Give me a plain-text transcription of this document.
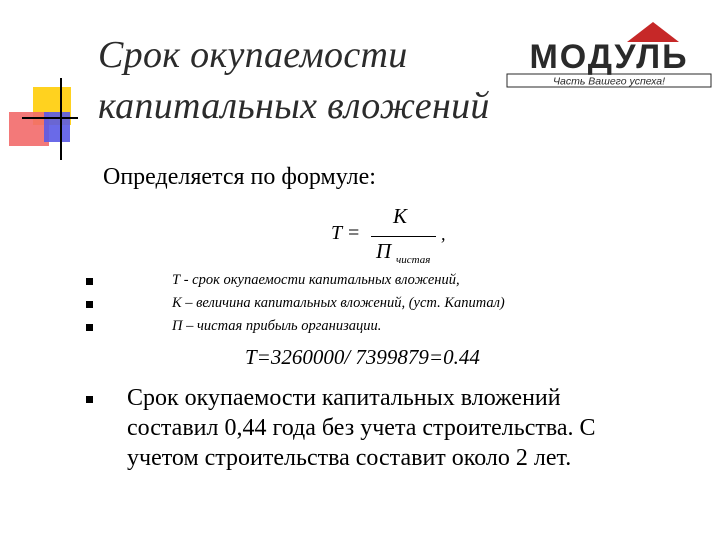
Срок окупаемости
капитальных вложений
МОДУЛЬ
Часть Вашего успеха!
Определяется по формуле:
T =
К
П чистая
,
Т - срок окупаемости капитальных вложений,
К – величина капитальных вложений, (уст. Капитал)
П – чистая прибыль организации.
Т=3260000/ 7399879=0.44
Срок окупаемости капитальных вложений
составил 0,44 года без учета строительства. С
учетом строительства составит около 2 лет.
